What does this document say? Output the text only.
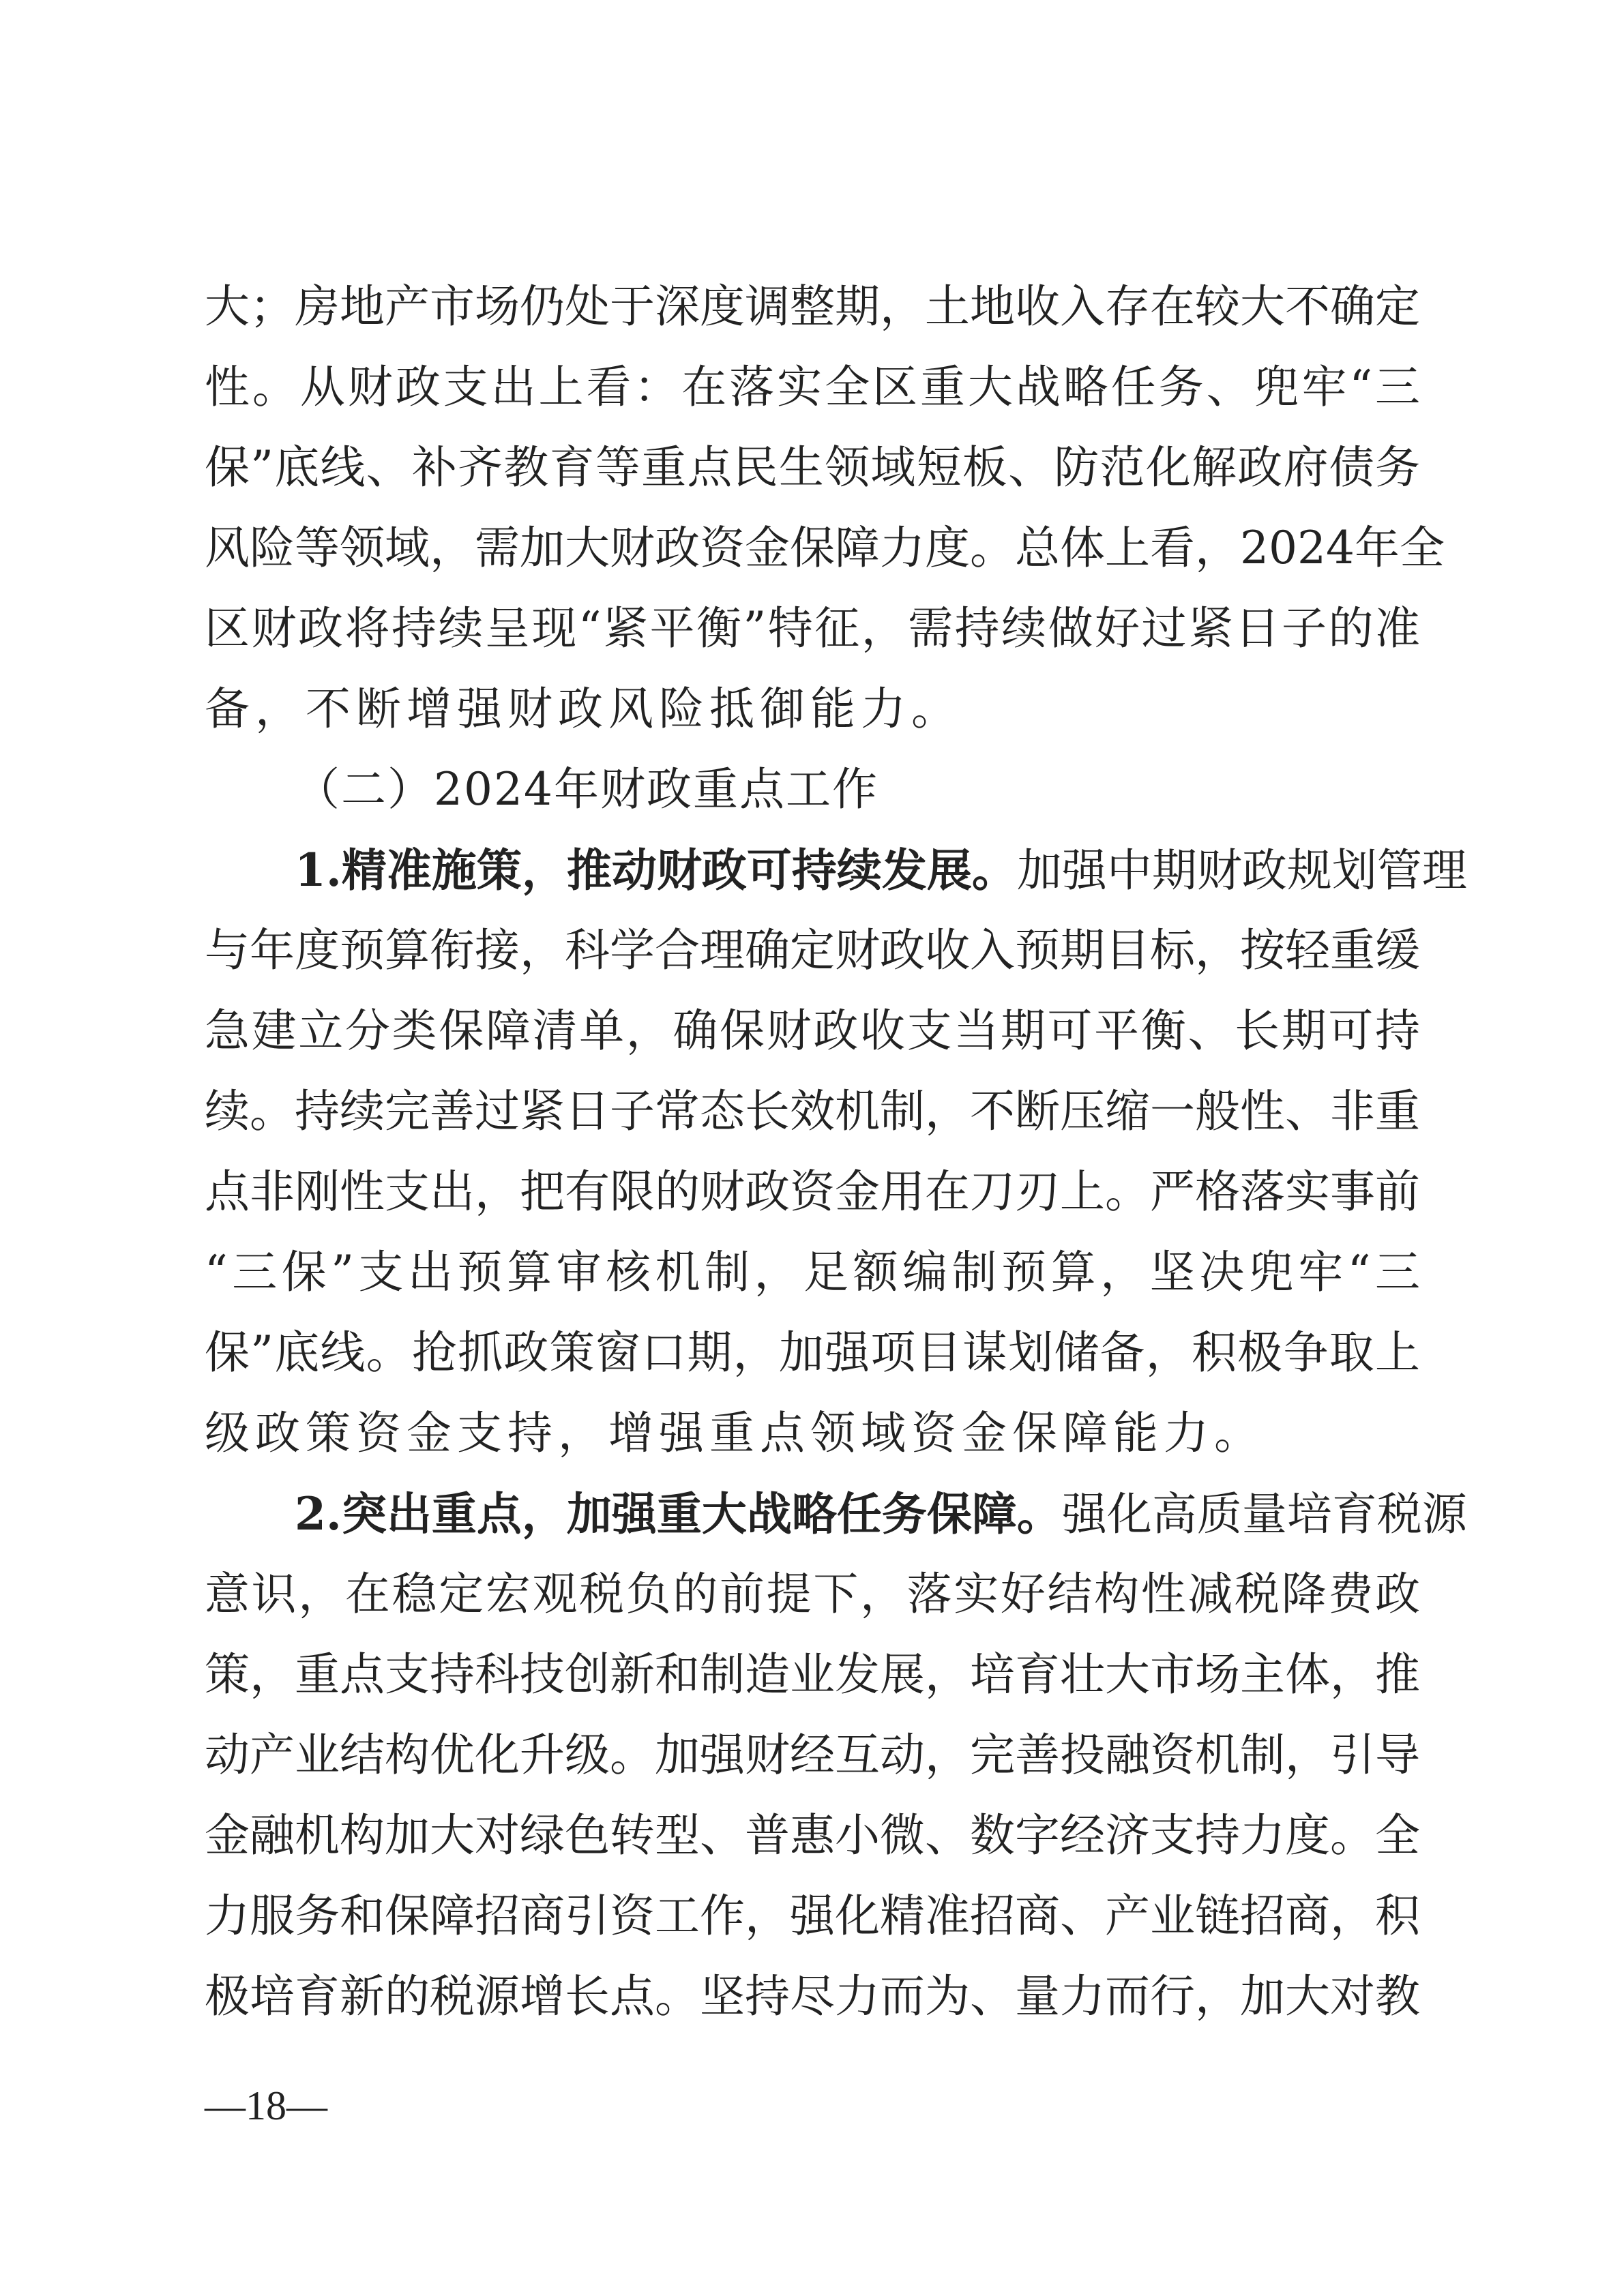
大；房地产市场仍处于深度调整期，土地收入存在较大不确定
性。从财政支出上看：在落实全区重大战略任务、兜牢“三
保”底线、补齐教育等重点民生领域短板、防范化解政府债务
风险等领域，需加大财政资金保障力度。总体上看，2024年全
区财政将持续呈现“紧平衡”特征，需持续做好过紧日子的准
备，不断增强财政风险抵御能力。
（二）2024年财政重点工作
1.精准施策，推动财政可持续发展。加强中期财政规划管理
与年度预算衔接，科学合理确定财政收入预期目标，按轻重缓
急建立分类保障清单，确保财政收支当期可平衡、长期可持
续。持续完善过紧日子常态长效机制，不断压缩一般性、非重
点非刚性支出，把有限的财政资金用在刀刃上。严格落实事前
“三保”支出预算审核机制，足额编制预算，坚决兜牢“三
保”底线。抢抓政策窗口期，加强项目谋划储备，积极争取上
级政策资金支持，增强重点领域资金保障能力。
2.突出重点，加强重大战略任务保障。强化高质量培育税源
意识，在稳定宏观税负的前提下，落实好结构性减税降费政
策，重点支持科技创新和制造业发展，培育壮大市场主体，推
动产业结构优化升级。加强财经互动，完善投融资机制，引导
金融机构加大对绿色转型、普惠小微、数字经济支持力度。全
力服务和保障招商引资工作，强化精准招商、产业链招商，积
极培育新的税源增长点。坚持尽力而为、量力而行，加大对教
—18—
